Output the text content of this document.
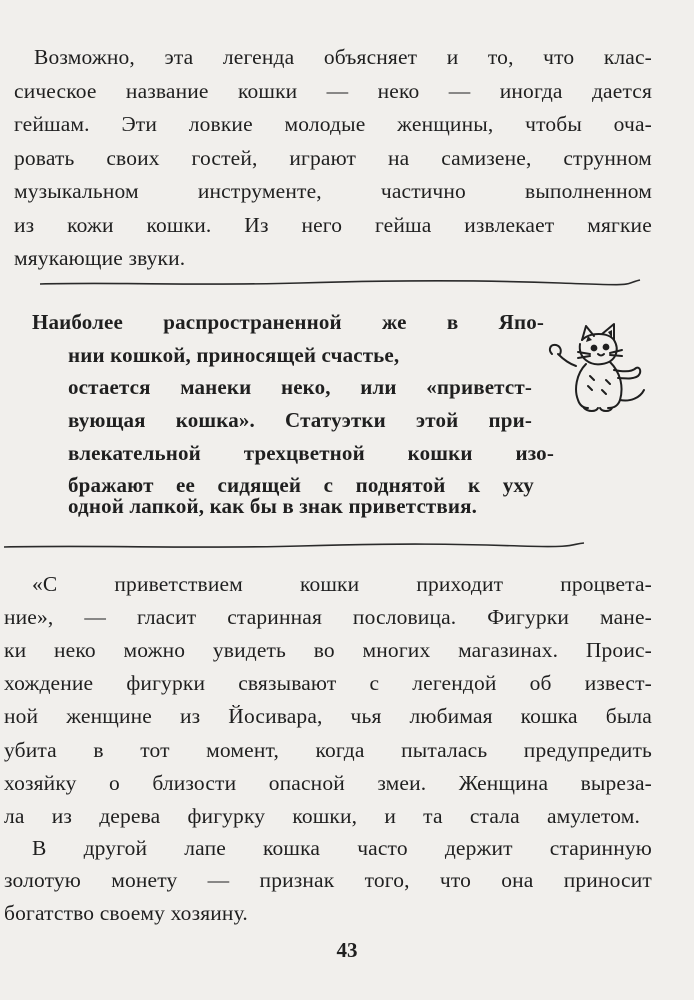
Возможно, эта легенда объясняет и то, что клас-
сическое название кошки — неко — иногда дается
гейшам. Эти ловкие молодые женщины, чтобы оча-
ровать своих гостей, играют на самизене, струнном
музыкальном	инструменте,	частично	выполненном
из кожи кошки. Из него гейша извлекает мягкие
мяукающие звуки.
Наиболее распространенной же в Япо-
нии кошкой, приносящей счастье,
остается манеки неко, или «приветст-
вующая кошка». Статуэтки этой при-
влекательной трехцветной кошки изо-
бражают ее сидящей с поднятой к уху
одной лапкой, как бы в знак приветствия.
«С	приветствием	кошки	приходит	процвета-
ние», — гласит старинная пословица. Фигурки мане-
ки неко можно увидеть во многих магазинах. Проис-
хождение фигурки связывают с легендой об извест-
ной женщине из Йосивара, чья любимая кошка была
убита в тот момент, когда пыталась предупредить
хозяйку о близости опасной змеи. Женщина выреза-
ла из дерева фигурку кошки, и та стала амулетом.
В другой лапе кошка часто держит старинную
золотую монету — признак того, что она приносит
богатство своему хозяину.
43
